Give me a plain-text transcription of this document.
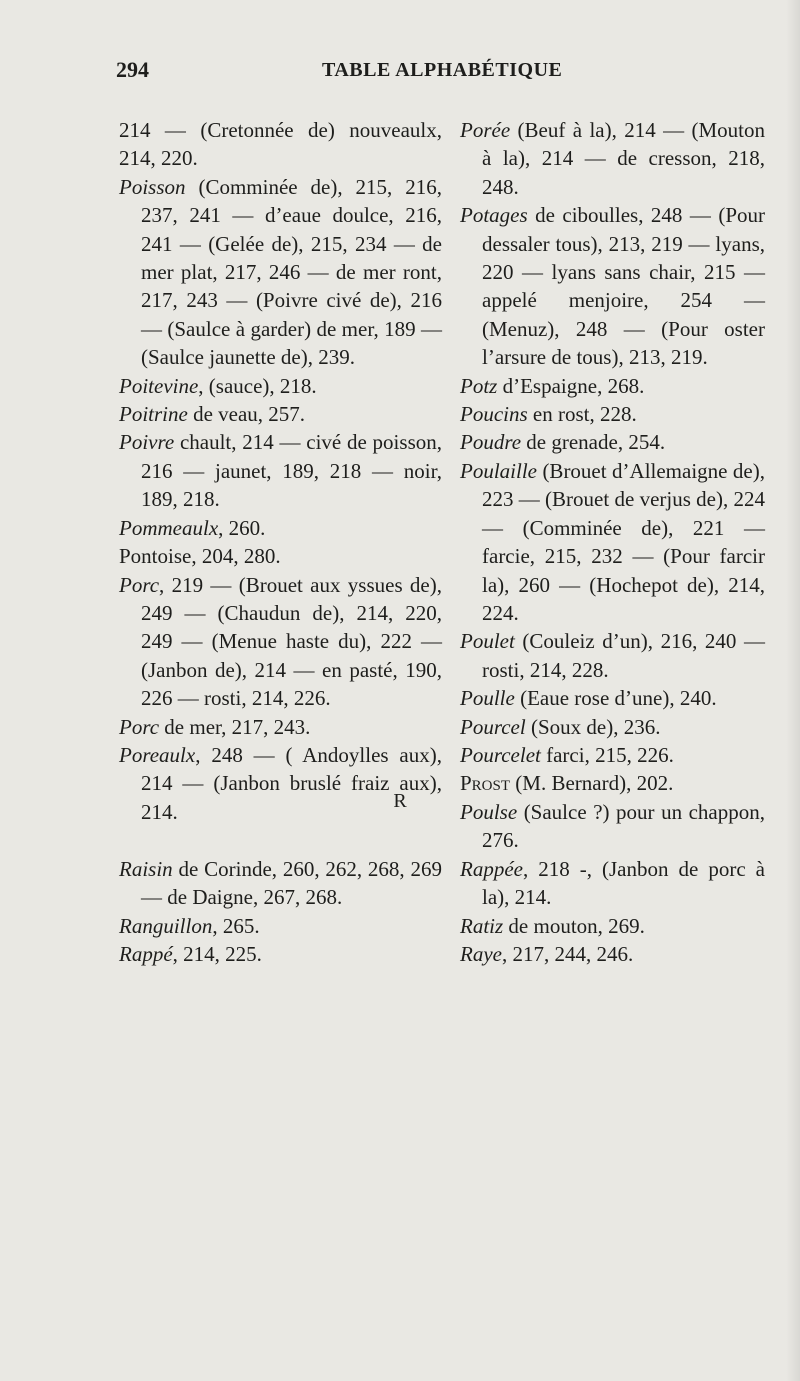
294	TABLE ALPHABÉTIQUE

214 — (Cretonnée de) nouveaulx, 214, 220.

Poisson (Comminée de), 215, 216, 237, 241 — d’eaue doulce, 216, 241 — (Gelée de), 215, 234 — de mer plat, 217, 246 — de mer ront, 217, 243 — (Poivre civé de), 216 — (Saulce à garder) de mer, 189 — (Saulce jaunette de), 239.

Poitevine, (sauce), 218.

Poitrine de veau, 257.

Poivre chault, 214 — civé de poisson, 216 — jaunet, 189, 218 — noir, 189, 218.

Pommeaulx, 260.

Pontoise, 204, 280.

Porc, 219 — (Brouet aux yssues de), 249 — (Chaudun de), 214, 220, 249 — (Menue haste du), 222 — (Janbon de), 214 — en pasté, 190, 226 — rosti, 214, 226.

Porc de mer, 217, 243.

Poreaulx, 248 — ( Andoylles aux), 214 — (Janbon bruslé fraiz aux), 214.

Porée (Beuf à la), 214 — (Mouton à la), 214 — de cresson, 218, 248.

Potages de ciboulles, 248 — (Pour dessaler tous), 213, 219 — lyans, 220 — lyans sans chair, 215 — appelé menjoire, 254 — (Menuz), 248 — (Pour oster l’arsure de tous), 213, 219.

Potz d’Espaigne, 268.

Poucins en rost, 228.

Poudre de grenade, 254.

Poulaille (Brouet d’Allemaigne de), 223 — (Brouet de verjus de), 224 — (Comminée de), 221 — farcie, 215, 232 — (Pour farcir la), 260 — (Hochepot de), 214, 224.

Poulet (Couleiz d’un), 216, 240 — rosti, 214, 228.

Poulle (Eaue rose d’une), 240.

Pourcel (Soux de), 236.

Pourcelet farci, 215, 226.

Prost (M. Bernard), 202.

Poulse (Saulce ?) pour un chappon, 276.

R

Raisin de Corinde, 260, 262, 268, 269 — de Daigne, 267, 268.

Ranguillon, 265.

Rappé, 214, 225.

Rappée, 218 -, (Janbon de porc à la), 214.

Ratiz de mouton, 269.

Raye, 217, 244, 246.
